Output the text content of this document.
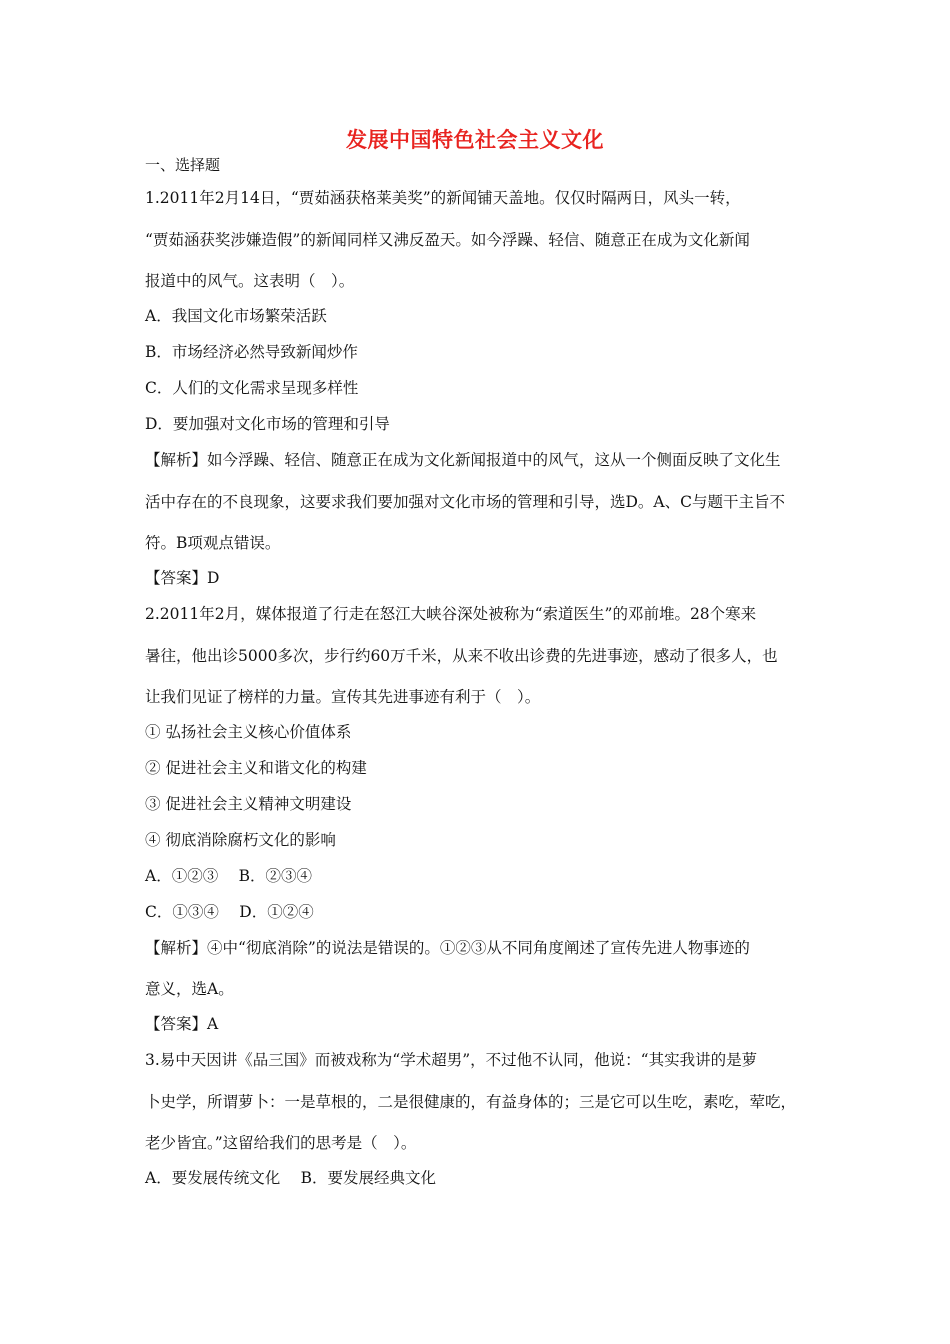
发展中国特色社会主义文化
一、选择题
1.2011年2月14日，“贾茹涵获格莱美奖”的新闻铺天盖地。仅仅时隔两日，风头一转，
“贾茹涵获奖涉嫌造假”的新闻同样又沸反盈天。如今浮躁、轻信、随意正在成为文化新闻
报道中的风气。这表明（　）。
A．我国文化市场繁荣活跃
B．市场经济必然导致新闻炒作
C．人们的文化需求呈现多样性
D．要加强对文化市场的管理和引导
【解析】如今浮躁、轻信、随意正在成为文化新闻报道中的风气，这从一个侧面反映了文化生
活中存在的不良现象，这要求我们要加强对文化市场的管理和引导，选D。A、C与题干主旨不
符。B项观点错误。
【答案】D
2.2011年2月，媒体报道了行走在怒江大峡谷深处被称为“索道医生”的邓前堆。28个寒来
暑往，他出诊5000多次，步行约60万千米，从来不收出诊费的先进事迹，感动了很多人，也
让我们见证了榜样的力量。宣传其先进事迹有利于（　）。
① 弘扬社会主义核心价值体系
② 促进社会主义和谐文化的构建
③ 促进社会主义精神文明建设
④ 彻底消除腐朽文化的影响
A．①②③　 B．②③④
C．①③④　 D．①②④
【解析】④中“彻底消除”的说法是错误的。①②③从不同角度阐述了宣传先进人物事迹的
意义，选A。
【答案】A
3.易中天因讲《品三国》而被戏称为“学术超男”，不过他不认同，他说：“其实我讲的是萝
卜史学，所谓萝卜：一是草根的，二是很健康的，有益身体的；三是它可以生吃，素吃，荤吃，
老少皆宜。”这留给我们的思考是（　）。
A．要发展传统文化　 B．要发展经典文化
